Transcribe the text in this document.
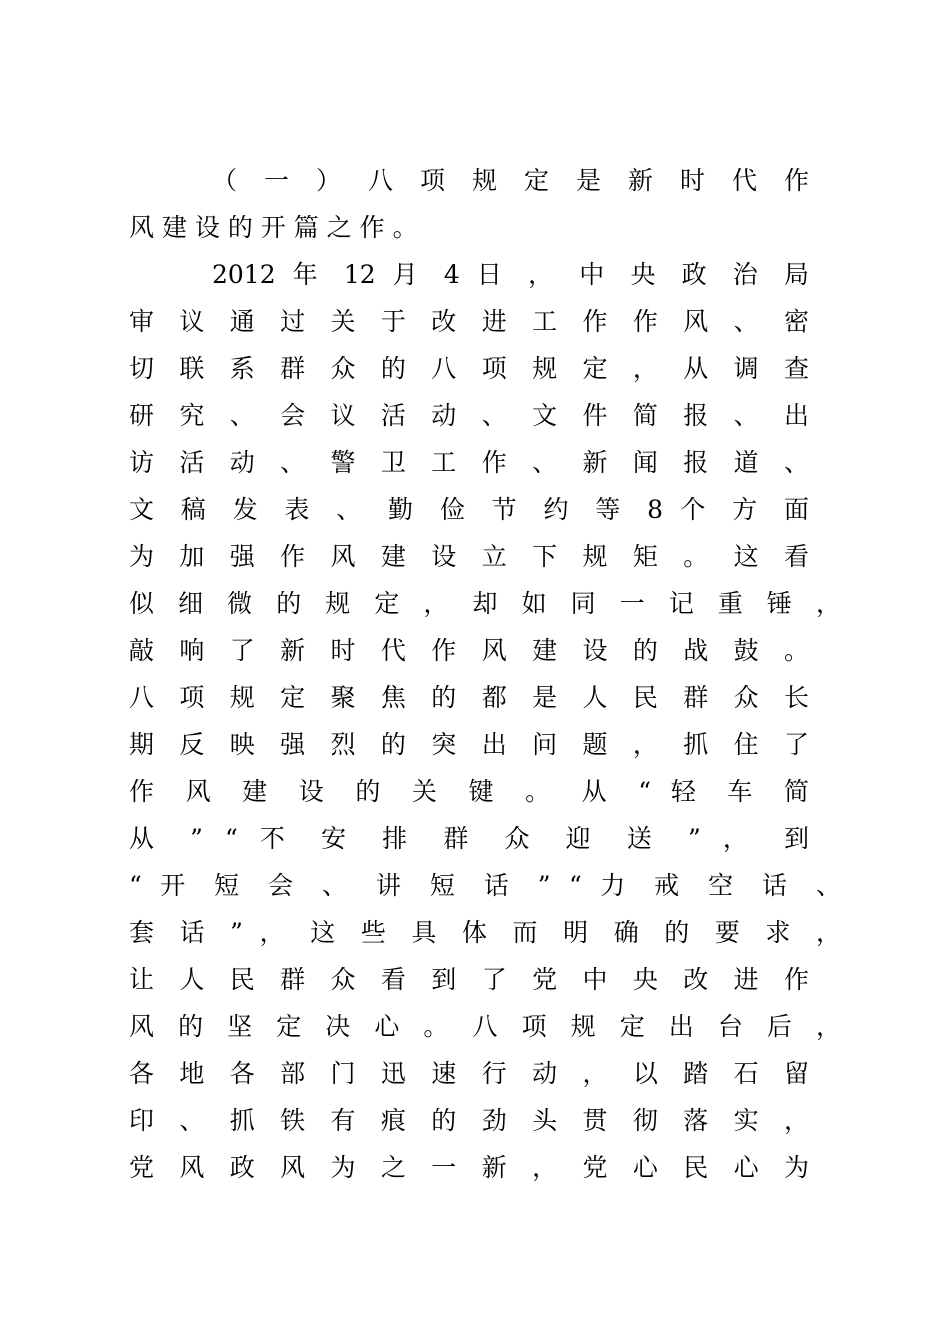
（ 一 ） 八 项 规 定 是 新 时 代 作
风 建 设 的 开 篇 之 作 。
2012 年 12 月 4 日 ， 中 央 政 治 局
审 议 通 过 关 于 改 进 工 作 作 风 、 密
切 联 系 群 众 的 八 项 规 定 ， 从 调 查
研 究 、 会 议 活 动 、 文 件 简 报 、 出
访 活 动 、 警 卫 工 作 、 新 闻 报 道 、
文 稿 发 表 、 勤 俭 节 约 等 8 个 方 面
为 加 强 作 风 建 设 立 下 规 矩 。 这 看
似 细 微 的 规 定 ， 却 如 同 一 记 重 锤 ，
敲 响 了 新 时 代 作 风 建 设 的 战 鼓 。
八 项 规 定 聚 焦 的 都 是 人 民 群 众 长
期 反 映 强 烈 的 突 出 问 题 ， 抓 住 了
作 风 建 设 的 关 键 。 从 “ 轻 车 简
从 ” “ 不 安 排 群 众 迎 送 ” ， 到
“ 开 短 会 、 讲 短 话 ” “ 力 戒 空 话 、
套 话 ” ， 这 些 具 体 而 明 确 的 要 求 ，
让 人 民 群 众 看 到 了 党 中 央 改 进 作
风 的 坚 定 决 心 。 八 项 规 定 出 台 后 ，
各 地 各 部 门 迅 速 行 动 ， 以 踏 石 留
印 、 抓 铁 有 痕 的 劲 头 贯 彻 落 实 ，
党 风 政 风 为 之 一 新 ， 党 心 民 心 为
